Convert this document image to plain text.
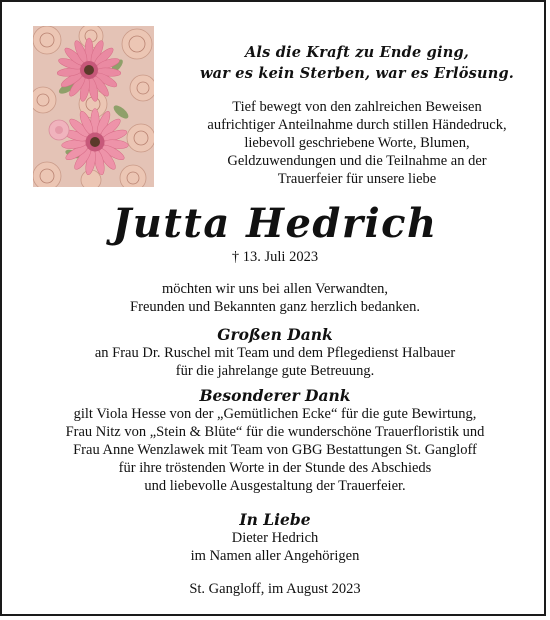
Als die Kraft zu Ende ging,
war es kein Sterben, war es Erlösung.
Tief bewegt von den zahlreichen Beweisen
aufrichtiger Anteilnahme durch stillen Händedruck,
liebevoll geschriebene Worte, Blumen,
Geldzuwendungen und die Teilnahme an der
Trauerfeier für unsere liebe
Jutta Hedrich
† 13. Juli 2023
möchten wir uns bei allen Verwandten,
Freunden und Bekannten ganz herzlich bedanken.
Großen Dank
an Frau Dr. Ruschel mit Team und dem Pflegedienst Halbauer
für die jahrelange gute Betreuung.
Besonderer Dank
gilt Viola Hesse von der „Gemütlichen Ecke“ für die gute Bewirtung,
Frau Nitz von „Stein & Blüte“ für die wunderschöne Trauerfloristik und
Frau Anne Wenzlawek mit Team von GBG Bestattungen St. Gangloff
für ihre tröstenden Worte in der Stunde des Abschieds
und liebevolle Ausgestaltung der Trauerfeier.
In Liebe
Dieter Hedrich
im Namen aller Angehörigen
St. Gangloff, im August 2023
